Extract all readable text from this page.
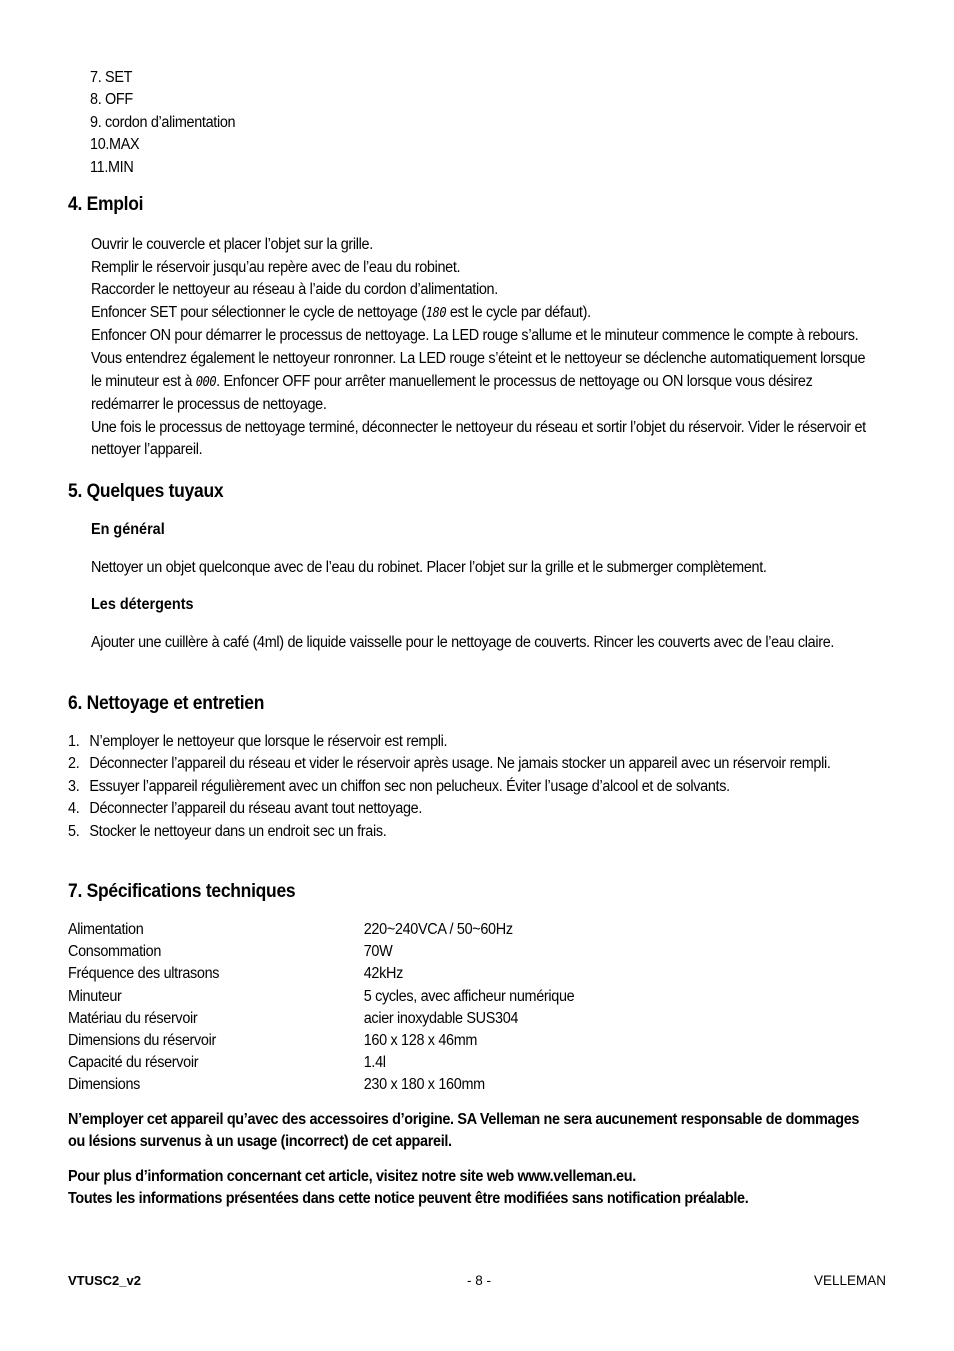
7. SET
8. OFF
9. cordon d’alimentation
10.MAX
11.MIN
4. Emploi

Ouvrir le couvercle et placer l’objet sur la grille.

Remplir le réservoir jusqu’au repère avec de l’eau du robinet.

Raccorder le nettoyeur au réseau à l’aide du cordon d’alimentation.

Enfoncer SET pour sélectionner le cycle de nettoyage (180 est le cycle par défaut).

Enfoncer ON pour démarrer le processus de nettoyage. La LED rouge s’allume et le minuteur commence le compte à rebours. Vous entendrez également le nettoyeur ronronner. La LED rouge s’éteint et le nettoyeur se déclenche automatiquement lorsque le minuteur est à 000. Enfoncer OFF pour arrêter manuellement le processus de nettoyage ou ON lorsque vous désirez redémarrer le processus de nettoyage.

Une fois le processus de nettoyage terminé, déconnecter le nettoyeur du réseau et sortir l’objet du réservoir. Vider le réservoir et nettoyer l’appareil.

5. Quelques tuyaux
En général
Nettoyer un objet quelconque avec de l’eau du robinet. Placer l’objet sur la grille et le submerger complètement.
Les détergents
Ajouter une cuillère à café (4ml) de liquide vaisselle pour le nettoyage de couverts. Rincer les couverts avec de l’eau claire.
6. Nettoyage et entretien
1. N’employer le nettoyeur que lorsque le réservoir est rempli.
2. Déconnecter l’appareil du réseau et vider le réservoir après usage. Ne jamais stocker un appareil avec un réservoir rempli.
3. Essuyer l’appareil régulièrement avec un chiffon sec non pelucheux. Éviter l’usage d’alcool et de solvants.
4. Déconnecter l’appareil du réseau avant tout nettoyage.
5. Stocker le nettoyeur dans un endroit sec un frais.
7. Spécifications techniques
Alimentation	220~240VCA / 50~60Hz
Consommation	70W
Fréquence des ultrasons	42kHz
Minuteur	5 cycles, avec afficheur numérique
Matériau du réservoir	acier inoxydable SUS304
Dimensions du réservoir	160 x 128 x 46mm
Capacité du réservoir	1.4l
Dimensions	230 x 180 x 160mm
N’employer cet appareil qu’avec des accessoires d’origine. SA Velleman ne sera aucunement responsable de dommages ou lésions survenus à un usage (incorrect) de cet appareil.

Pour plus d’information concernant cet article, visitez notre site web www.velleman.eu.

Toutes les informations présentées dans cette notice peuvent être modifiées sans notification préalable.

VTUSC2_v2	- 8 -	VELLEMAN
